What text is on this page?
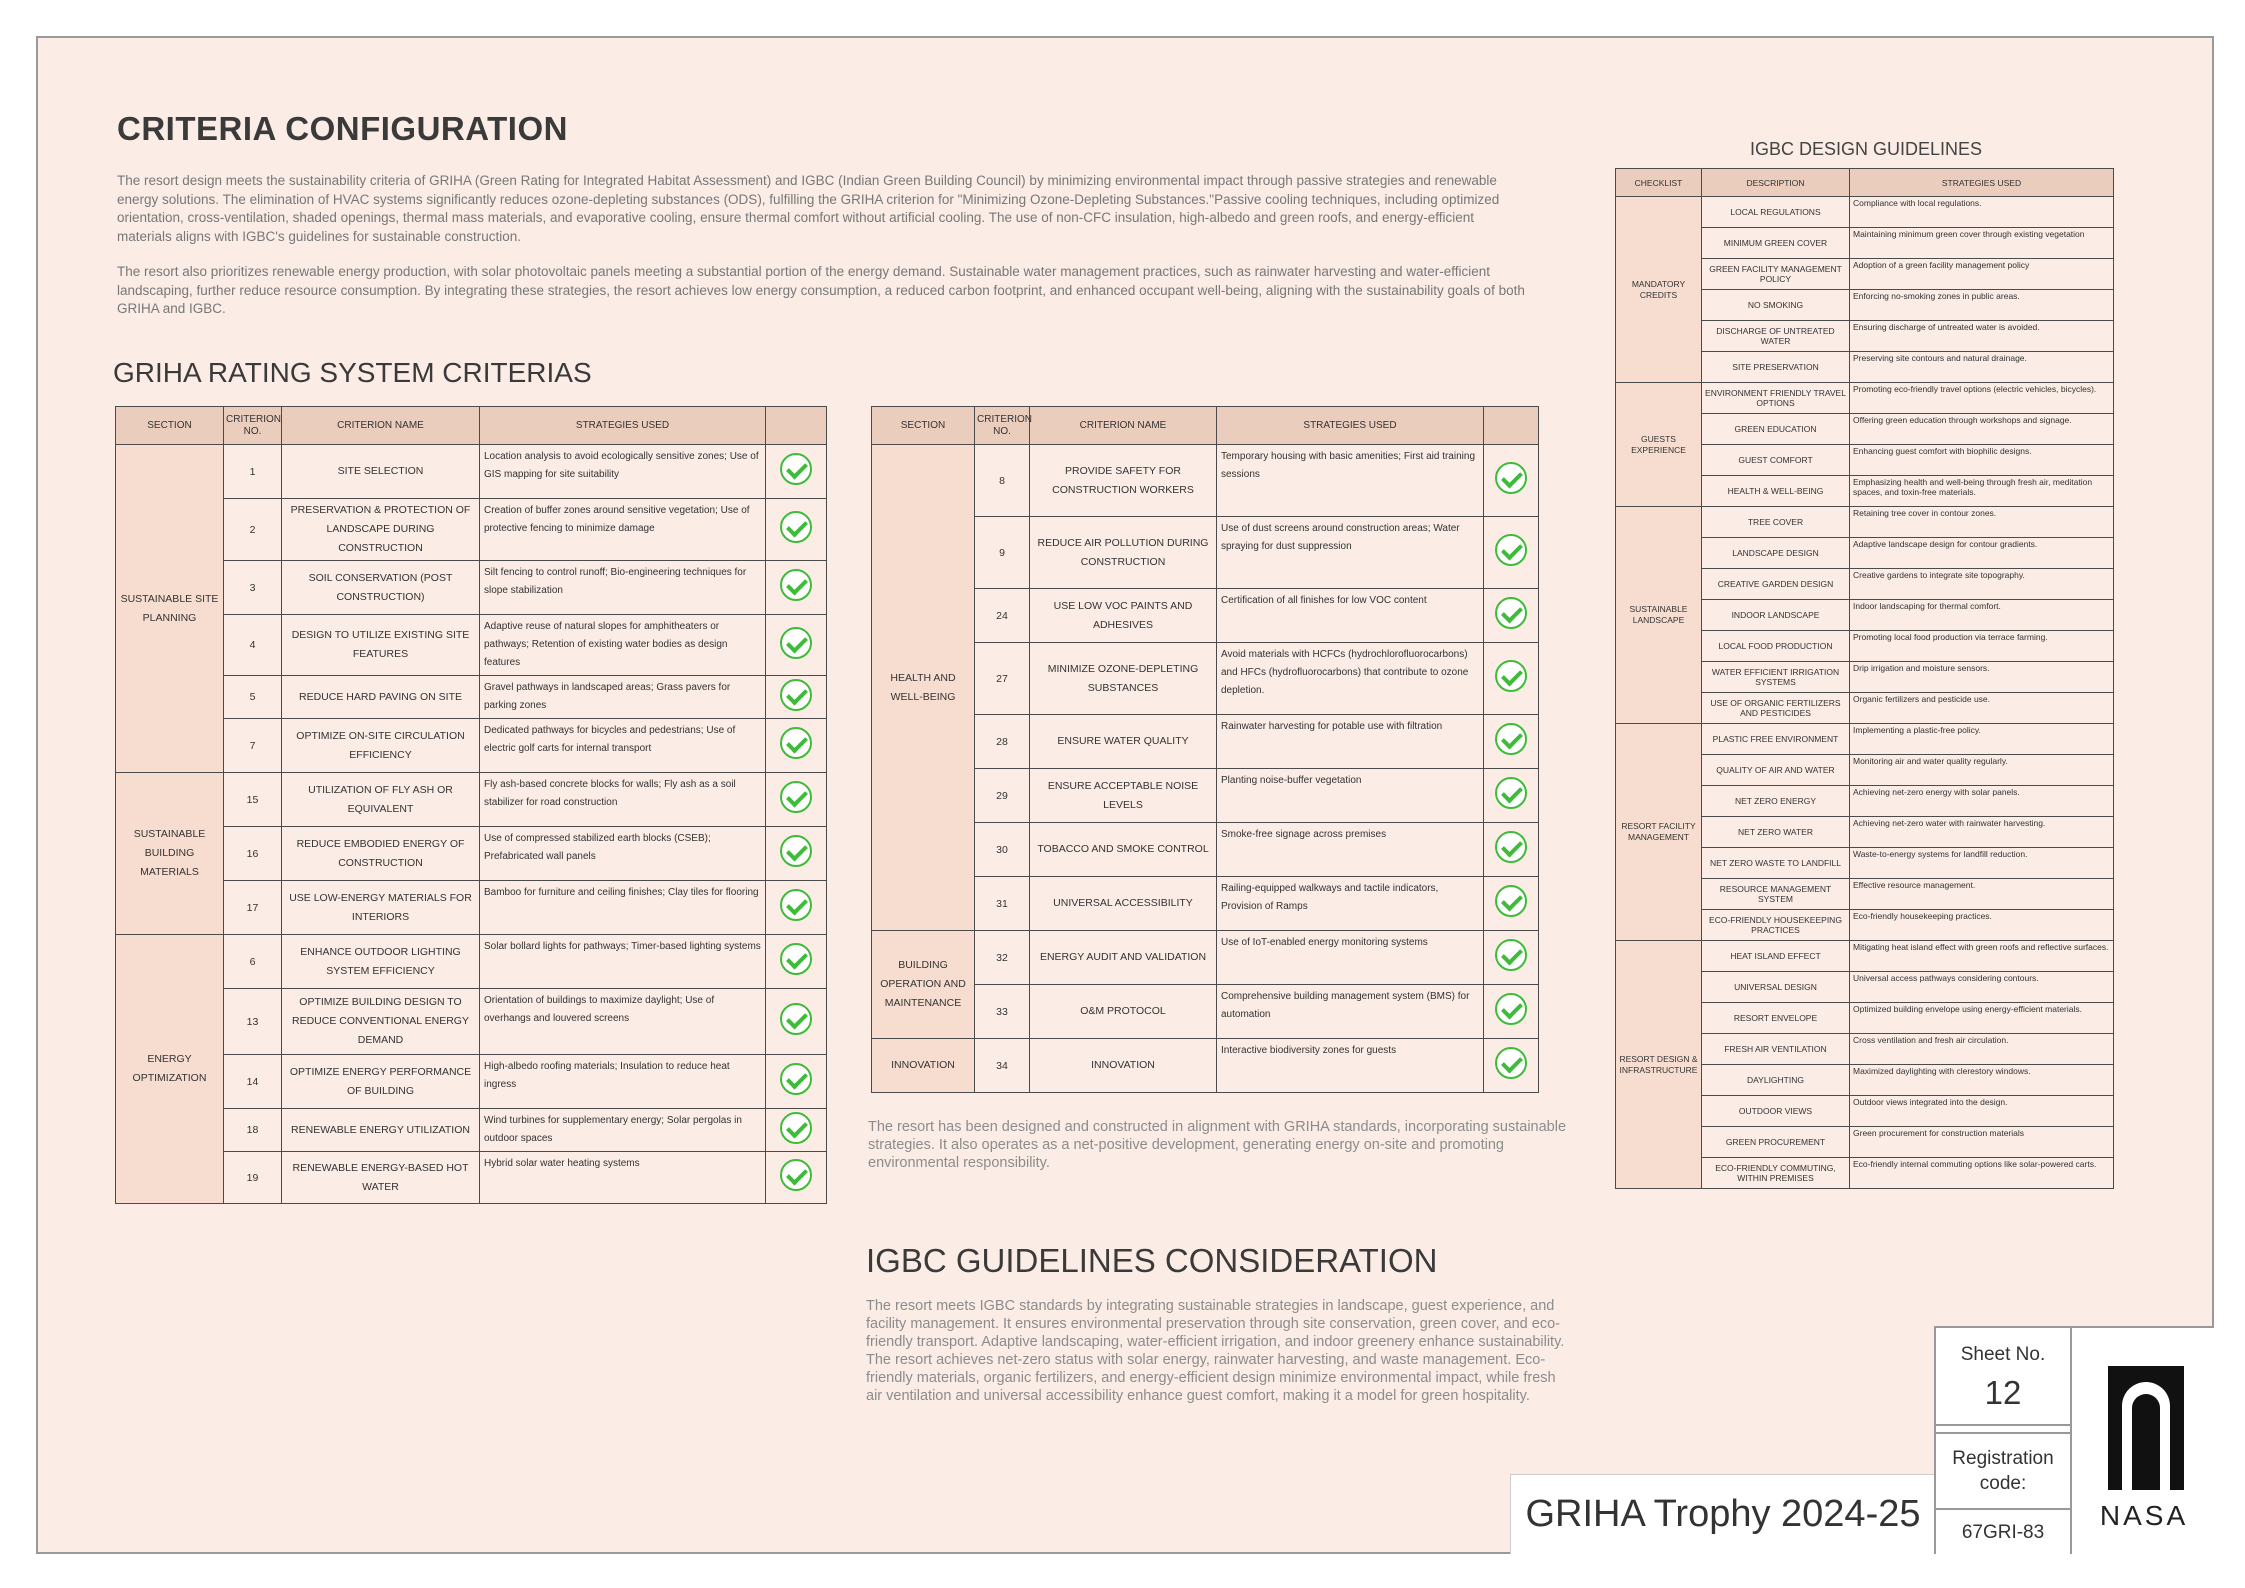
CRITERIA CONFIGURATION

The resort design meets the sustainability criteria of GRIHA (Green Rating for Integrated Habitat Assessment) and IGBC (Indian Green Building Council) by minimizing environmental impact through passive strategies and renewable energy solutions. The elimination of HVAC systems significantly reduces ozone-depleting substances (ODS), fulfilling the GRIHA criterion for "Minimizing Ozone-Depleting Substances."Passive cooling techniques, including optimized orientation, cross-ventilation, shaded openings, thermal mass materials, and evaporative cooling, ensure thermal comfort without artificial cooling. The use of non-CFC insulation, high-albedo and green roofs, and energy-efficient materials aligns with IGBC's guidelines for sustainable construction.

The resort also prioritizes renewable energy production, with solar photovoltaic panels meeting a substantial portion of the energy demand. Sustainable water management practices, such as rainwater harvesting and water-efficient landscaping, further reduce resource consumption. By integrating these strategies, the resort achieves low energy consumption, a reduced carbon footprint, and enhanced occupant well-being, aligning with the sustainability goals of both GRIHA and IGBC.

GRIHA RATING SYSTEM CRITERIAS
SECTION	CRITERION NO.	CRITERION NAME	STRATEGIES USED	
SUSTAINABLE SITE PLANNING	1	SITE SELECTION	Location analysis to avoid ecologically sensitive zones; Use of GIS mapping for site suitability	
	2	PRESERVATION & PROTECTION OF LANDSCAPE DURING CONSTRUCTION	Creation of buffer zones around sensitive vegetation; Use of protective fencing to minimize damage	
	3	SOIL CONSERVATION (POST CONSTRUCTION)	Silt fencing to control runoff; Bio-engineering techniques for slope stabilization	
	4	DESIGN TO UTILIZE EXISTING SITE FEATURES	Adaptive reuse of natural slopes for amphitheaters or pathways; Retention of existing water bodies as design features	
	5	REDUCE HARD PAVING ON SITE	Gravel pathways in landscaped areas; Grass pavers for parking zones	
	7	OPTIMIZE ON-SITE CIRCULATION EFFICIENCY	Dedicated pathways for bicycles and pedestrians; Use of electric golf carts for internal transport	
SUSTAINABLE BUILDING MATERIALS	15	UTILIZATION OF FLY ASH OR EQUIVALENT	Fly ash-based concrete blocks for walls; Fly ash as a soil stabilizer for road construction	
	16	REDUCE EMBODIED ENERGY OF CONSTRUCTION	Use of compressed stabilized earth blocks (CSEB); Prefabricated wall panels	
	17	USE LOW-ENERGY MATERIALS FOR INTERIORS	Bamboo for furniture and ceiling finishes; Clay tiles for flooring	
ENERGY OPTIMIZATION	6	ENHANCE OUTDOOR LIGHTING SYSTEM EFFICIENCY	Solar bollard lights for pathways; Timer-based lighting systems	
	13	OPTIMIZE BUILDING DESIGN TO REDUCE CONVENTIONAL ENERGY DEMAND	Orientation of buildings to maximize daylight; Use of overhangs and louvered screens	
	14	OPTIMIZE ENERGY PERFORMANCE OF BUILDING	High-albedo roofing materials; Insulation to reduce heat ingress	
	18	RENEWABLE ENERGY UTILIZATION	Wind turbines for supplementary energy; Solar pergolas in outdoor spaces	
	19	RENEWABLE ENERGY-BASED HOT WATER	Hybrid solar water heating systems	
SECTION	CRITERION NO.	CRITERION NAME	STRATEGIES USED	
HEALTH AND WELL-BEING	8	PROVIDE SAFETY FOR CONSTRUCTION WORKERS	Temporary housing with basic amenities; First aid training sessions	
	9	REDUCE AIR POLLUTION DURING CONSTRUCTION	Use of dust screens around construction areas; Water spraying for dust suppression	
	24	USE LOW VOC PAINTS AND ADHESIVES	Certification of all finishes for low VOC content	
	27	MINIMIZE OZONE-DEPLETING SUBSTANCES	Avoid materials with HCFCs (hydrochlorofluorocarbons) and HFCs (hydrofluorocarbons) that contribute to ozone depletion.	
	28	ENSURE WATER QUALITY	Rainwater harvesting for potable use with filtration	
	29	ENSURE ACCEPTABLE NOISE LEVELS	Planting noise-buffer vegetation	
	30	TOBACCO AND SMOKE CONTROL	Smoke-free signage across premises	
	31	UNIVERSAL ACCESSIBILITY	Railing-equipped walkways and tactile indicators, Provision of Ramps	
BUILDING OPERATION AND MAINTENANCE	32	ENERGY AUDIT AND VALIDATION	Use of IoT-enabled energy monitoring systems	
	33	O&M PROTOCOL	Comprehensive building management system (BMS) for automation	
INNOVATION	34	INNOVATION	Interactive biodiversity zones for guests	

The resort has been designed and constructed in alignment with GRIHA standards, incorporating sustainable strategies. It also operates as a net-positive development, generating energy on-site and promoting environmental responsibility.

IGBC GUIDELINES CONSIDERATION

The resort meets IGBC standards by integrating sustainable strategies in landscape, guest experience, and facility management. It ensures environmental preservation through site conservation, green cover, and eco-friendly transport. Adaptive landscaping, water-efficient irrigation, and indoor greenery enhance sustainability. The resort achieves net-zero status with solar energy, rainwater harvesting, and waste management. Eco-friendly materials, organic fertilizers, and energy-efficient design minimize environmental impact, while fresh air ventilation and universal accessibility enhance guest comfort, making it a model for green hospitality.

IGBC DESIGN GUIDELINES
CHECKLIST	DESCRIPTION	STRATEGIES USED
MANDATORY CREDITS	LOCAL REGULATIONS	Compliance with local regulations.
	MINIMUM GREEN COVER	Maintaining minimum green cover through existing vegetation
	GREEN FACILITY MANAGEMENT POLICY	Adoption of a green facility management policy
	NO SMOKING	Enforcing no-smoking zones in public areas.
	DISCHARGE OF UNTREATED WATER	Ensuring discharge of untreated water is avoided.
	SITE PRESERVATION	Preserving site contours and natural drainage.
GUESTS EXPERIENCE	ENVIRONMENT FRIENDLY TRAVEL OPTIONS	Promoting eco-friendly travel options (electric vehicles, bicycles).
	GREEN EDUCATION	Offering green education through workshops and signage.
	GUEST COMFORT	Enhancing guest comfort with biophilic designs.
	HEALTH & WELL-BEING	Emphasizing health and well-being through fresh air, meditation spaces, and toxin-free materials.
SUSTAINABLE LANDSCAPE	TREE COVER	Retaining tree cover in contour zones.
	LANDSCAPE DESIGN	Adaptive landscape design for contour gradients.
	CREATIVE GARDEN DESIGN	Creative gardens to integrate site topography.
	INDOOR LANDSCAPE	Indoor landscaping for thermal comfort.
	LOCAL FOOD PRODUCTION	Promoting local food production via terrace farming.
	WATER EFFICIENT IRRIGATION SYSTEMS	Drip irrigation and moisture sensors.
	USE OF ORGANIC FERTILIZERS AND PESTICIDES	Organic fertilizers and pesticide use.
RESORT FACILITY MANAGEMENT	PLASTIC FREE ENVIRONMENT	Implementing a plastic-free policy.
	QUALITY OF AIR AND WATER	Monitoring air and water quality regularly.
	NET ZERO ENERGY	Achieving net-zero energy with solar panels.
	NET ZERO WATER	Achieving net-zero water with rainwater harvesting.
	NET ZERO WASTE TO LANDFILL	Waste-to-energy systems for landfill reduction.
	RESOURCE MANAGEMENT SYSTEM	Effective resource management.
	ECO-FRIENDLY HOUSEKEEPING PRACTICES	Eco-friendly housekeeping practices.
RESORT DESIGN & INFRASTRUCTURE	HEAT ISLAND EFFECT	Mitigating heat island effect with green roofs and reflective surfaces.
	UNIVERSAL DESIGN	Universal access pathways considering contours.
	RESORT ENVELOPE	Optimized building envelope using energy-efficient materials.
	FRESH AIR VENTILATION	Cross ventilation and fresh air circulation.
	DAYLIGHTING	Maximized daylighting with clerestory windows.
	OUTDOOR VIEWS	Outdoor views integrated into the design.
	GREEN PROCUREMENT	Green procurement for construction materials
	ECO-FRIENDLY COMMUTING, WITHIN PREMISES	Eco-friendly internal commuting options like solar-powered carts.
GRIHA Trophy 2024-25
Sheet No.
12
Registration code:
67GRI-83
NASA
